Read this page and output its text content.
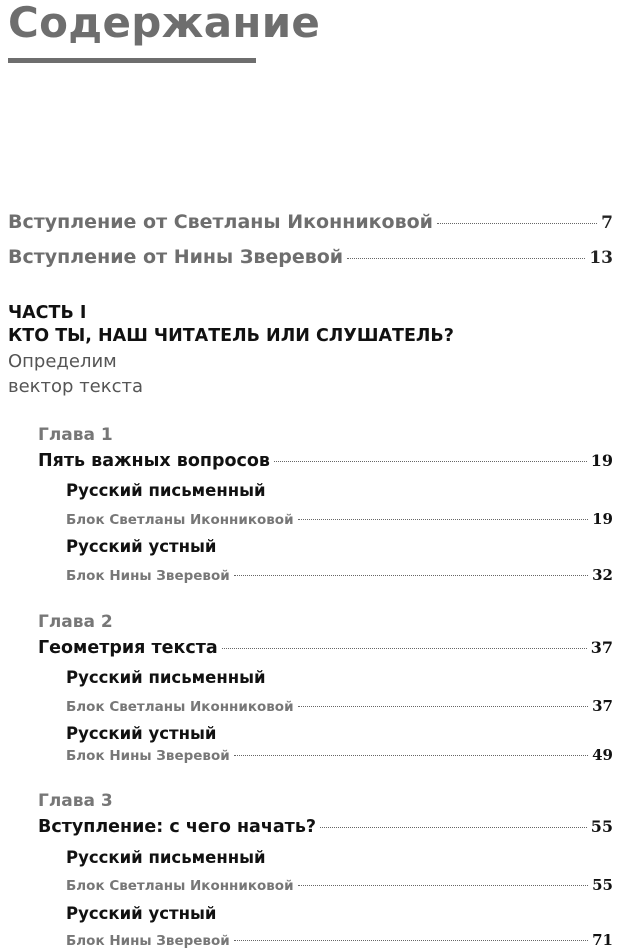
Содержание
Вступление от Светланы Иконниковой	7
Вступление от Нины Зверевой	13
ЧАСТЬ I
КТО ТЫ, НАШ ЧИТАТЕЛЬ ИЛИ СЛУШАТЕЛЬ?
Определим
вектор текста
Глава 1
Пять важных вопросов	19
Русский письменный
Блок Светланы Иконниковой	19
Русский устный
Блок Нины Зверевой	32
Глава 2
Геометрия текста	37
Русский письменный
Блок Светланы Иконниковой	37
Русский устный
Блок Нины Зверевой	49
Глава 3
Вступление: с чего начать?	55
Русский письменный
Блок Светланы Иконниковой	55
Русский устный
Блок Нины Зверевой	71
